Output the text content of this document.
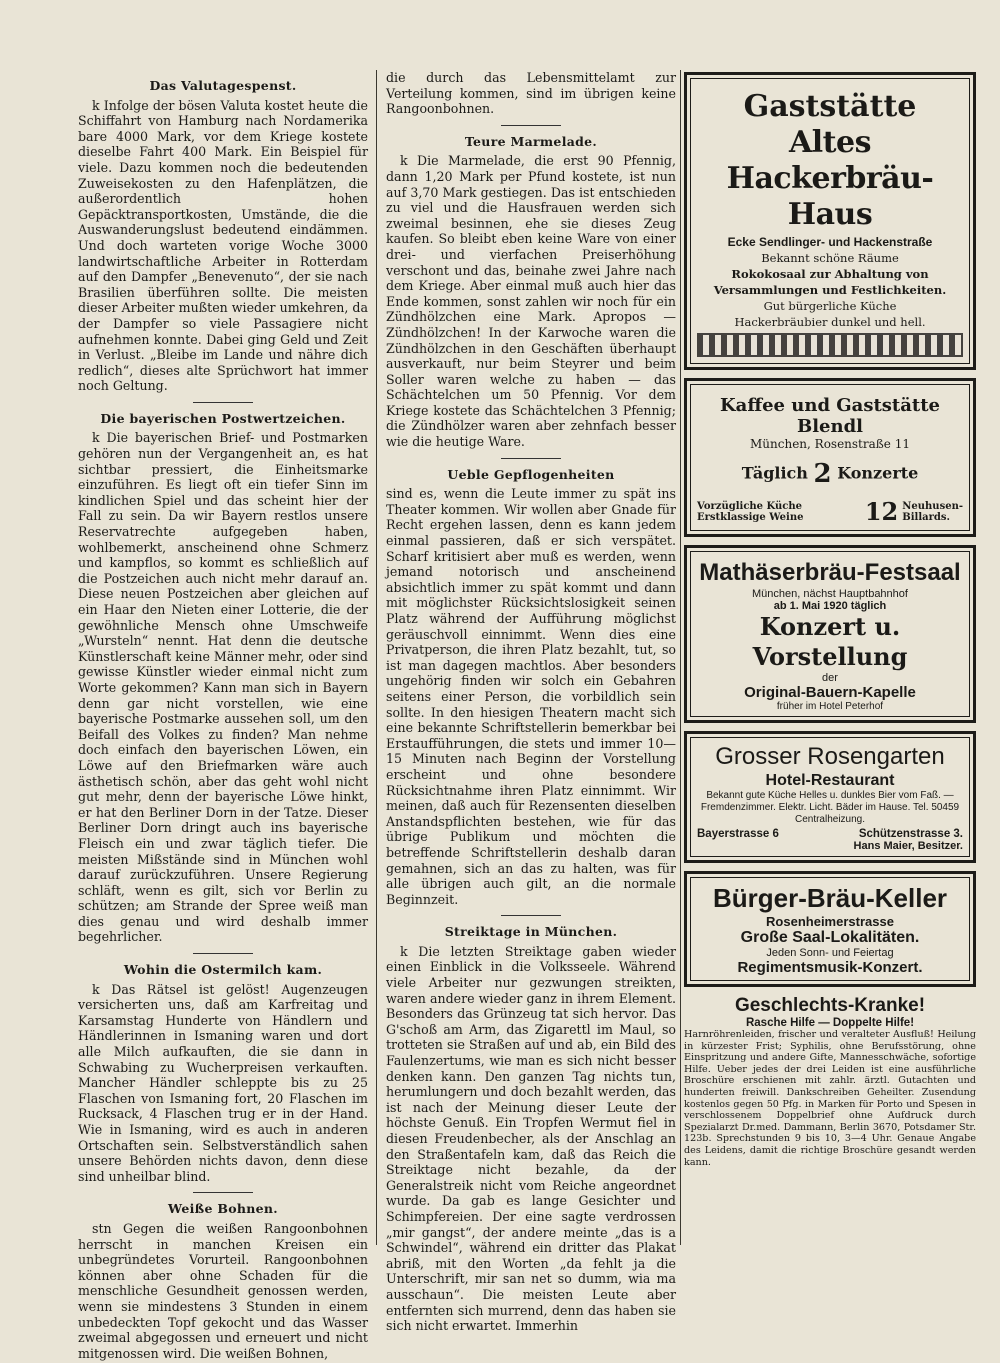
Das Valutagespenst.

k Infolge der bösen Valuta kostet heute die Schiffahrt von Hamburg nach Nordamerika bare 4000 Mark, vor dem Kriege kostete dieselbe Fahrt 400 Mark. Ein Beispiel für viele. Dazu kommen noch die bedeutenden Zuweisekosten zu den Hafenplätzen, die außerordentlich hohen Gepäcktransportkosten, Umstände, die die Auswanderungslust bedeutend eindämmen. Und doch warteten vorige Woche 3000 landwirtschaftliche Arbeiter in Rotterdam auf den Dampfer „Benevenuto“, der sie nach Brasilien überführen sollte. Die meisten dieser Arbeiter mußten wieder umkehren, da der Dampfer so viele Passagiere nicht aufnehmen konnte. Dabei ging Geld und Zeit in Verlust. „Bleibe im Lande und nähre dich redlich“, dieses alte Sprüchwort hat immer noch Geltung.

Die bayerischen Postwertzeichen.

k Die bayerischen Brief- und Postmarken gehören nun der Vergangenheit an, es hat sichtbar pressiert, die Einheitsmarke einzuführen. Es liegt oft ein tiefer Sinn im kindlichen Spiel und das scheint hier der Fall zu sein. Da wir Bayern restlos unsere Reservatrechte aufgegeben haben, wohlbemerkt, anscheinend ohne Schmerz und kampflos, so kommt es schließlich auf die Postzeichen auch nicht mehr darauf an. Diese neuen Postzeichen aber gleichen auf ein Haar den Nieten einer Lotterie, die der gewöhnliche Mensch ohne Umschweife „Wursteln“ nennt. Hat denn die deutsche Künstlerschaft keine Männer mehr, oder sind gewisse Künstler wieder einmal nicht zum Worte gekommen? Kann man sich in Bayern denn gar nicht vorstellen, wie eine bayerische Postmarke aussehen soll, um den Beifall des Volkes zu finden? Man nehme doch einfach den bayerischen Löwen, ein Löwe auf den Briefmarken wäre auch ästhetisch schön, aber das geht wohl nicht gut mehr, denn der bayerische Löwe hinkt, er hat den Berliner Dorn in der Tatze. Dieser Berliner Dorn dringt auch ins bayerische Fleisch ein und zwar täglich tiefer. Die meisten Mißstände sind in München wohl darauf zurückzuführen. Unsere Regierung schläft, wenn es gilt, sich vor Berlin zu schützen; am Strande der Spree weiß man dies genau und wird deshalb immer begehrlicher.

Wohin die Ostermilch kam.

k Das Rätsel ist gelöst! Augenzeugen versicherten uns, daß am Karfreitag und Karsamstag Hunderte von Händlern und Händlerinnen in Ismaning waren und dort alle Milch aufkauften, die sie dann in Schwabing zu Wucherpreisen verkauften. Mancher Händler schleppte bis zu 25 Flaschen von Ismaning fort, 20 Flaschen im Rucksack, 4 Flaschen trug er in der Hand. Wie in Ismaning, wird es auch in anderen Ortschaften sein. Selbstverständlich sahen unsere Behörden nichts davon, denn diese sind unheilbar blind.

Weiße Bohnen.

stn Gegen die weißen Rangoonbohnen herrscht in manchen Kreisen ein unbegründetes Vorurteil. Rangoonbohnen können aber ohne Schaden für die menschliche Gesundheit genossen werden, wenn sie mindestens 3 Stunden in einem unbedeckten Topf gekocht und das Wasser zweimal abgegossen und erneuert und nicht mitgenossen wird. Die weißen Bohnen,

die durch das Lebensmittelamt zur Verteilung kommen, sind im übrigen keine Rangoonbohnen.

Teure Marmelade.

k Die Marmelade, die erst 90 Pfennig, dann 1,20 Mark per Pfund kostete, ist nun auf 3,70 Mark gestiegen. Das ist entschieden zu viel und die Hausfrauen werden sich zweimal besinnen, ehe sie dieses Zeug kaufen. So bleibt eben keine Ware von einer drei- und vierfachen Preiserhöhung verschont und das, beinahe zwei Jahre nach dem Kriege. Aber einmal muß auch hier das Ende kommen, sonst zahlen wir noch für ein Zündhölzchen eine Mark. Apropos — Zündhölzchen! In der Karwoche waren die Zündhölzchen in den Geschäften überhaupt ausverkauft, nur beim Steyrer und beim Soller waren welche zu haben — das Schächtelchen um 50 Pfennig. Vor dem Kriege kostete das Schächtelchen 3 Pfennig; die Zündhölzer waren aber zehnfach besser wie die heutige Ware.

Ueble Gepflogenheiten

sind es, wenn die Leute immer zu spät ins Theater kommen. Wir wollen aber Gnade für Recht ergehen lassen, denn es kann jedem einmal passieren, daß er sich verspätet. Scharf kritisiert aber muß es werden, wenn jemand notorisch und anscheinend absichtlich immer zu spät kommt und dann mit möglichster Rücksichtslosigkeit seinen Platz während der Aufführung möglichst geräuschvoll einnimmt. Wenn dies eine Privatperson, die ihren Platz bezahlt, tut, so ist man dagegen machtlos. Aber besonders ungehörig finden wir solch ein Gebahren seitens einer Person, die vorbildlich sein sollte. In den hiesigen Theatern macht sich eine bekannte Schriftstellerin bemerkbar bei Erstaufführungen, die stets und immer 10—15 Minuten nach Beginn der Vorstellung erscheint und ohne besondere Rücksichtnahme ihren Platz einnimmt. Wir meinen, daß auch für Rezensenten dieselben Anstandspflichten bestehen, wie für das übrige Publikum und möchten die betreffende Schriftstellerin deshalb daran gemahnen, sich an das zu halten, was für alle übrigen auch gilt, an die normale Beginnzeit.

Streiktage in München.

k Die letzten Streiktage gaben wieder einen Einblick in die Volksseele. Während viele Arbeiter nur gezwungen streikten, waren andere wieder ganz in ihrem Element. Besonders das Grünzeug tat sich hervor. Das G'schoß am Arm, das Zigarettl im Maul, so trotteten sie Straßen auf und ab, ein Bild des Faulenzertums, wie man es sich nicht besser denken kann. Den ganzen Tag nichts tun, herumlungern und doch bezahlt werden, das ist nach der Meinung dieser Leute der höchste Genuß. Ein Tropfen Wermut fiel in diesen Freudenbecher, als der Anschlag an den Straßentafeln kam, daß das Reich die Streiktage nicht bezahle, da der Generalstreik nicht vom Reiche angeordnet wurde. Da gab es lange Gesichter und Schimpfereien. Der eine sagte verdrossen „mir gangst“, der andere meinte „das is a Schwindel“, während ein dritter das Plakat abriß, mit den Worten „da fehlt ja die Unterschrift, mir san net so dumm, wia ma ausschaun“. Die meisten Leute aber entfernten sich murrend, denn das haben sie sich nicht erwartet. Immerhin

Gaststätte
Altes Hackerbräu-Haus
Ecke Sendlinger- und Hackenstraße
Bekannt schöne Räume
Rokokosaal zur Abhaltung von
Versammlungen und Festlichkeiten.
Gut bürgerliche Küche
Hackerbräubier dunkel und hell.
Kaffee und Gaststätte Blendl
München, Rosenstraße 11
Täglich 2 Konzerte
Vorzügliche Küche
Erstklassige Weine	12 Neuhusen-
Billards.
Mathäserbräu-Festsaal
München, nächst Hauptbahnhof
ab 1. Mai 1920 täglich
Konzert u. Vorstellung
der
Original-Bauern-Kapelle
früher im Hotel Peterhof
Grosser Rosengarten
Hotel-Restaurant
Bekannt gute Küche Helles u. dunkles Bier vom Faß. — Fremdenzimmer. Elektr. Licht. Bäder im Hause. Tel. 50459 Centralheizung.
Bayerstrasse 6	Schützenstrasse 3.
Hans Maier, Besitzer.
Bürger-Bräu-Keller
Rosenheimerstrasse
Große Saal-Lokalitäten.
Jeden Sonn- und Feiertag
Regimentsmusik-Konzert.
Geschlechts-Kranke!
Rasche Hilfe — Doppelte Hilfe!
Harnröhrenleiden, frischer und veralteter Ausfluß! Heilung in kürzester Frist; Syphilis, ohne Berufsstörung, ohne Einspritzung und andere Gifte, Mannesschwäche, sofortige Hilfe. Ueber jedes der drei Leiden ist eine ausführliche Broschüre erschienen mit zahlr. ärztl. Gutachten und hunderten freiwill. Dankschreiben Geheilter. Zusendung kostenlos gegen 50 Pfg. in Marken für Porto und Spesen in verschlossenem Doppelbrief ohne Aufdruck durch Spezialarzt Dr.med. Dammann, Berlin 3670, Potsdamer Str. 123b. Sprechstunden 9 bis 10, 3—4 Uhr. Genaue Angabe des Leidens, damit die richtige Broschüre gesandt werden kann.
